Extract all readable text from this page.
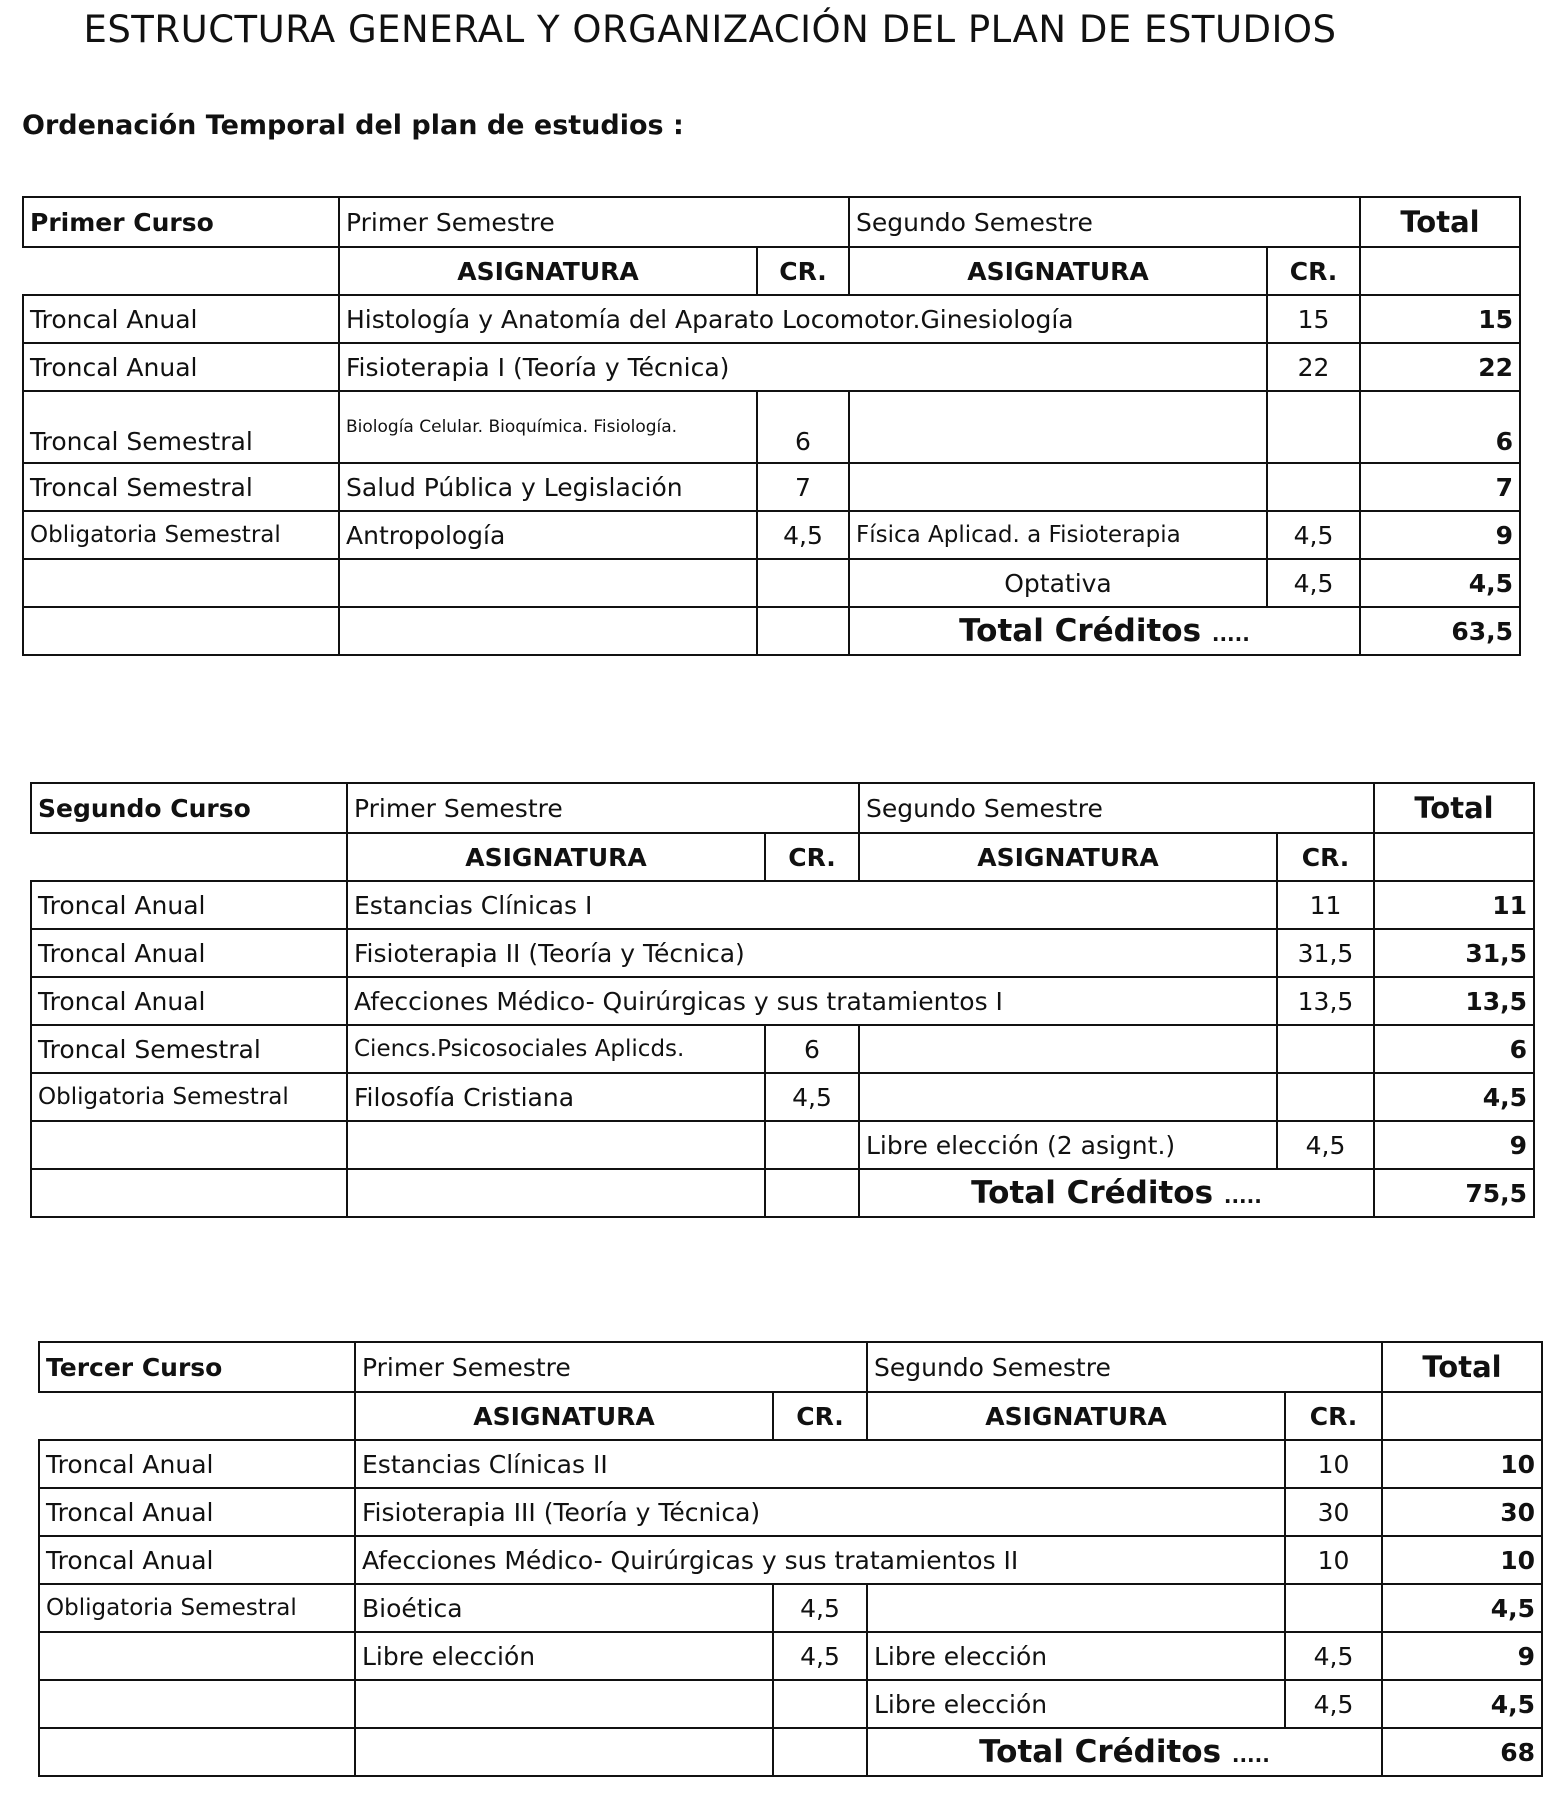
ESTRUCTURA GENERAL Y ORGANIZACIÓN DEL PLAN DE ESTUDIOS
Ordenación Temporal del plan de estudios :
Primer Curso	Primer Semestre		Segundo Semestre		Total
	ASIGNATURA	CR.	ASIGNATURA	CR.	
Troncal Anual	Histología y Anatomía del Aparato Locomotor.Ginesiología			15	15
Troncal Anual	Fisioterapia I (Teoría y Técnica)			22	22
Troncal Semestral	Biología Celular. Bioquímica. Fisiología.	6			6
Troncal Semestral	Salud Pública y Legislación	7			7
Obligatoria Semestral	Antropología	4,5	Física Aplicad. a Fisioterapia	4,5	9
			Optativa	4,5	4,5
			Total Créditos .....		63,5
Segundo Curso	Primer Semestre		Segundo Semestre		Total
	ASIGNATURA	CR.	ASIGNATURA	CR.	
Troncal Anual	Estancias Clínicas I			11	11
Troncal Anual	Fisioterapia II (Teoría y Técnica)			31,5	31,5
Troncal Anual	Afecciones Médico- Quirúrgicas y sus tratamientos I			13,5	13,5
Troncal Semestral	Ciencs.Psicosociales Aplicds.	6			6
Obligatoria Semestral	Filosofía Cristiana	4,5			4,5
			Libre elección (2 asignt.)	4,5	9
			Total Créditos .....		75,5
Tercer Curso	Primer Semestre		Segundo Semestre		Total
	ASIGNATURA	CR.	ASIGNATURA	CR.	
Troncal Anual	Estancias Clínicas II			10	10
Troncal Anual	Fisioterapia III (Teoría y Técnica)			30	30
Troncal Anual	Afecciones Médico- Quirúrgicas y sus tratamientos II			10	10
Obligatoria Semestral	Bioética	4,5			4,5
	Libre elección	4,5	Libre elección	4,5	9
			Libre elección	4,5	4,5
			Total Créditos .....		68
